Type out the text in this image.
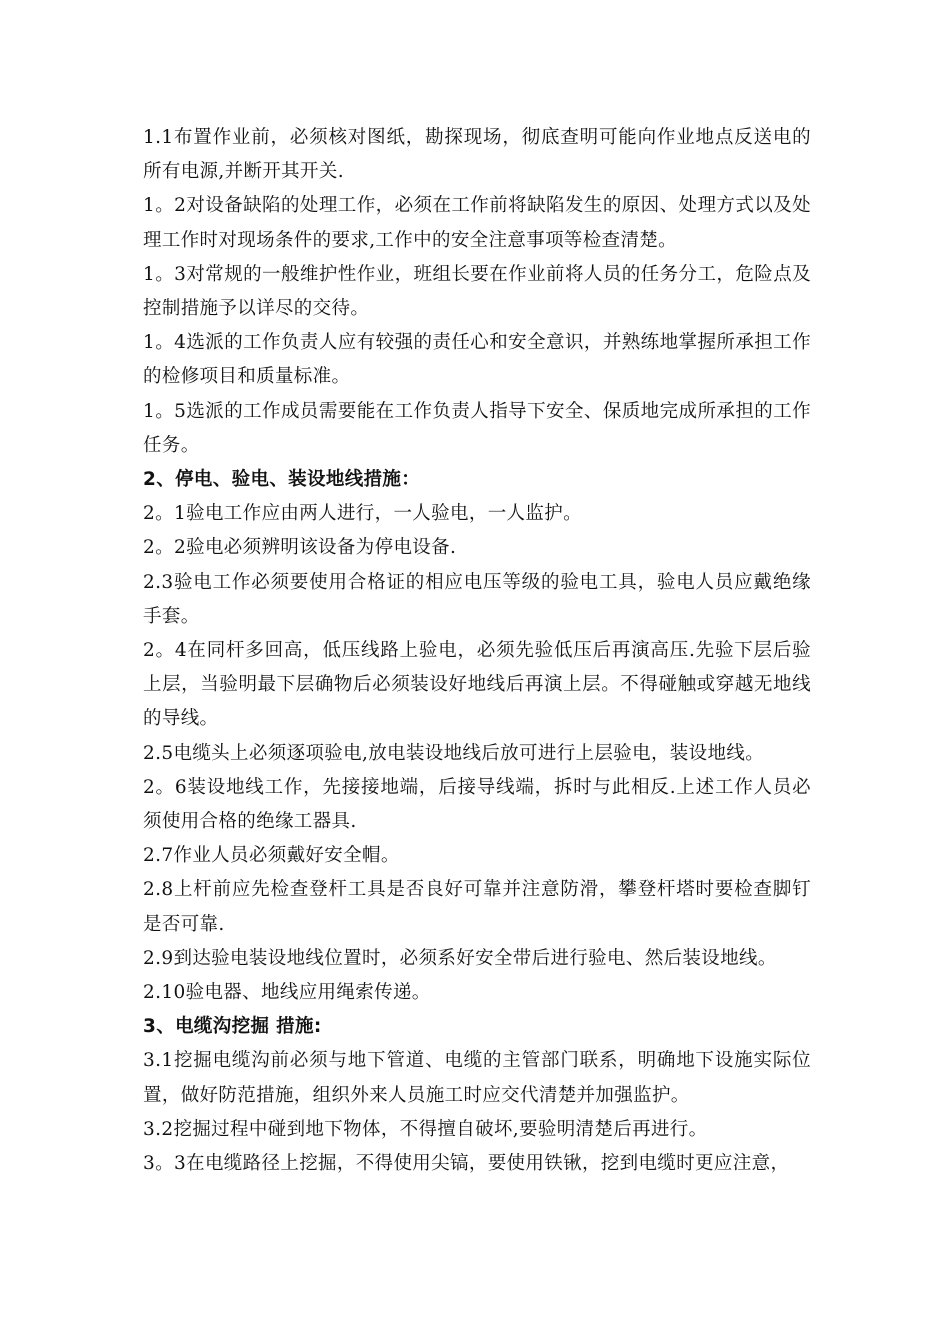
1.1布置作业前，必须核对图纸，勘探现场，彻底查明可能向作业地点反送电的所有电源,并断开其开关.

1。2对设备缺陷的处理工作，必须在工作前将缺陷发生的原因、处理方式以及处理工作时对现场条件的要求,工作中的安全注意事项等检查清楚。

1。3对常规的一般维护性作业，班组长要在作业前将人员的任务分工，危险点及控制措施予以详尽的交待。

1。4选派的工作负责人应有较强的责任心和安全意识，并熟练地掌握所承担工作的检修项目和质量标准。

1。5选派的工作成员需要能在工作负责人指导下安全、保质地完成所承担的工作任务。

2、停电、验电、装设地线措施：

2。1验电工作应由两人进行，一人验电，一人监护。

2。2验电必须辨明该设备为停电设备.

2.3验电工作必须要使用合格证的相应电压等级的验电工具，验电人员应戴绝缘手套。

2。4在同杆多回高，低压线路上验电，必须先验低压后再演高压.先验下层后验上层，当验明最下层确物后必须装设好地线后再演上层。不得碰触或穿越无地线的导线。

2.5电缆头上必须逐项验电,放电装设地线后放可进行上层验电，装设地线。

2。6装设地线工作，先接接地端，后接导线端，拆时与此相反.上述工作人员必须使用合格的绝缘工器具.

2.7作业人员必须戴好安全帽。

2.8上杆前应先检查登杆工具是否良好可靠并注意防滑，攀登杆塔时要检查脚钉是否可靠.

2.9到达验电装设地线位置时，必须系好安全带后进行验电、然后装设地线。

2.10验电器、地线应用绳索传递。

3、电缆沟挖掘 措施:

3.1挖掘电缆沟前必须与地下管道、电缆的主管部门联系，明确地下设施实际位置，做好防范措施，组织外来人员施工时应交代清楚并加强监护。

3.2挖掘过程中碰到地下物体，不得擅自破坏,要验明清楚后再进行。

3。3在电缆路径上挖掘，不得使用尖镐，要使用铁锹，挖到电缆时更应注意，
